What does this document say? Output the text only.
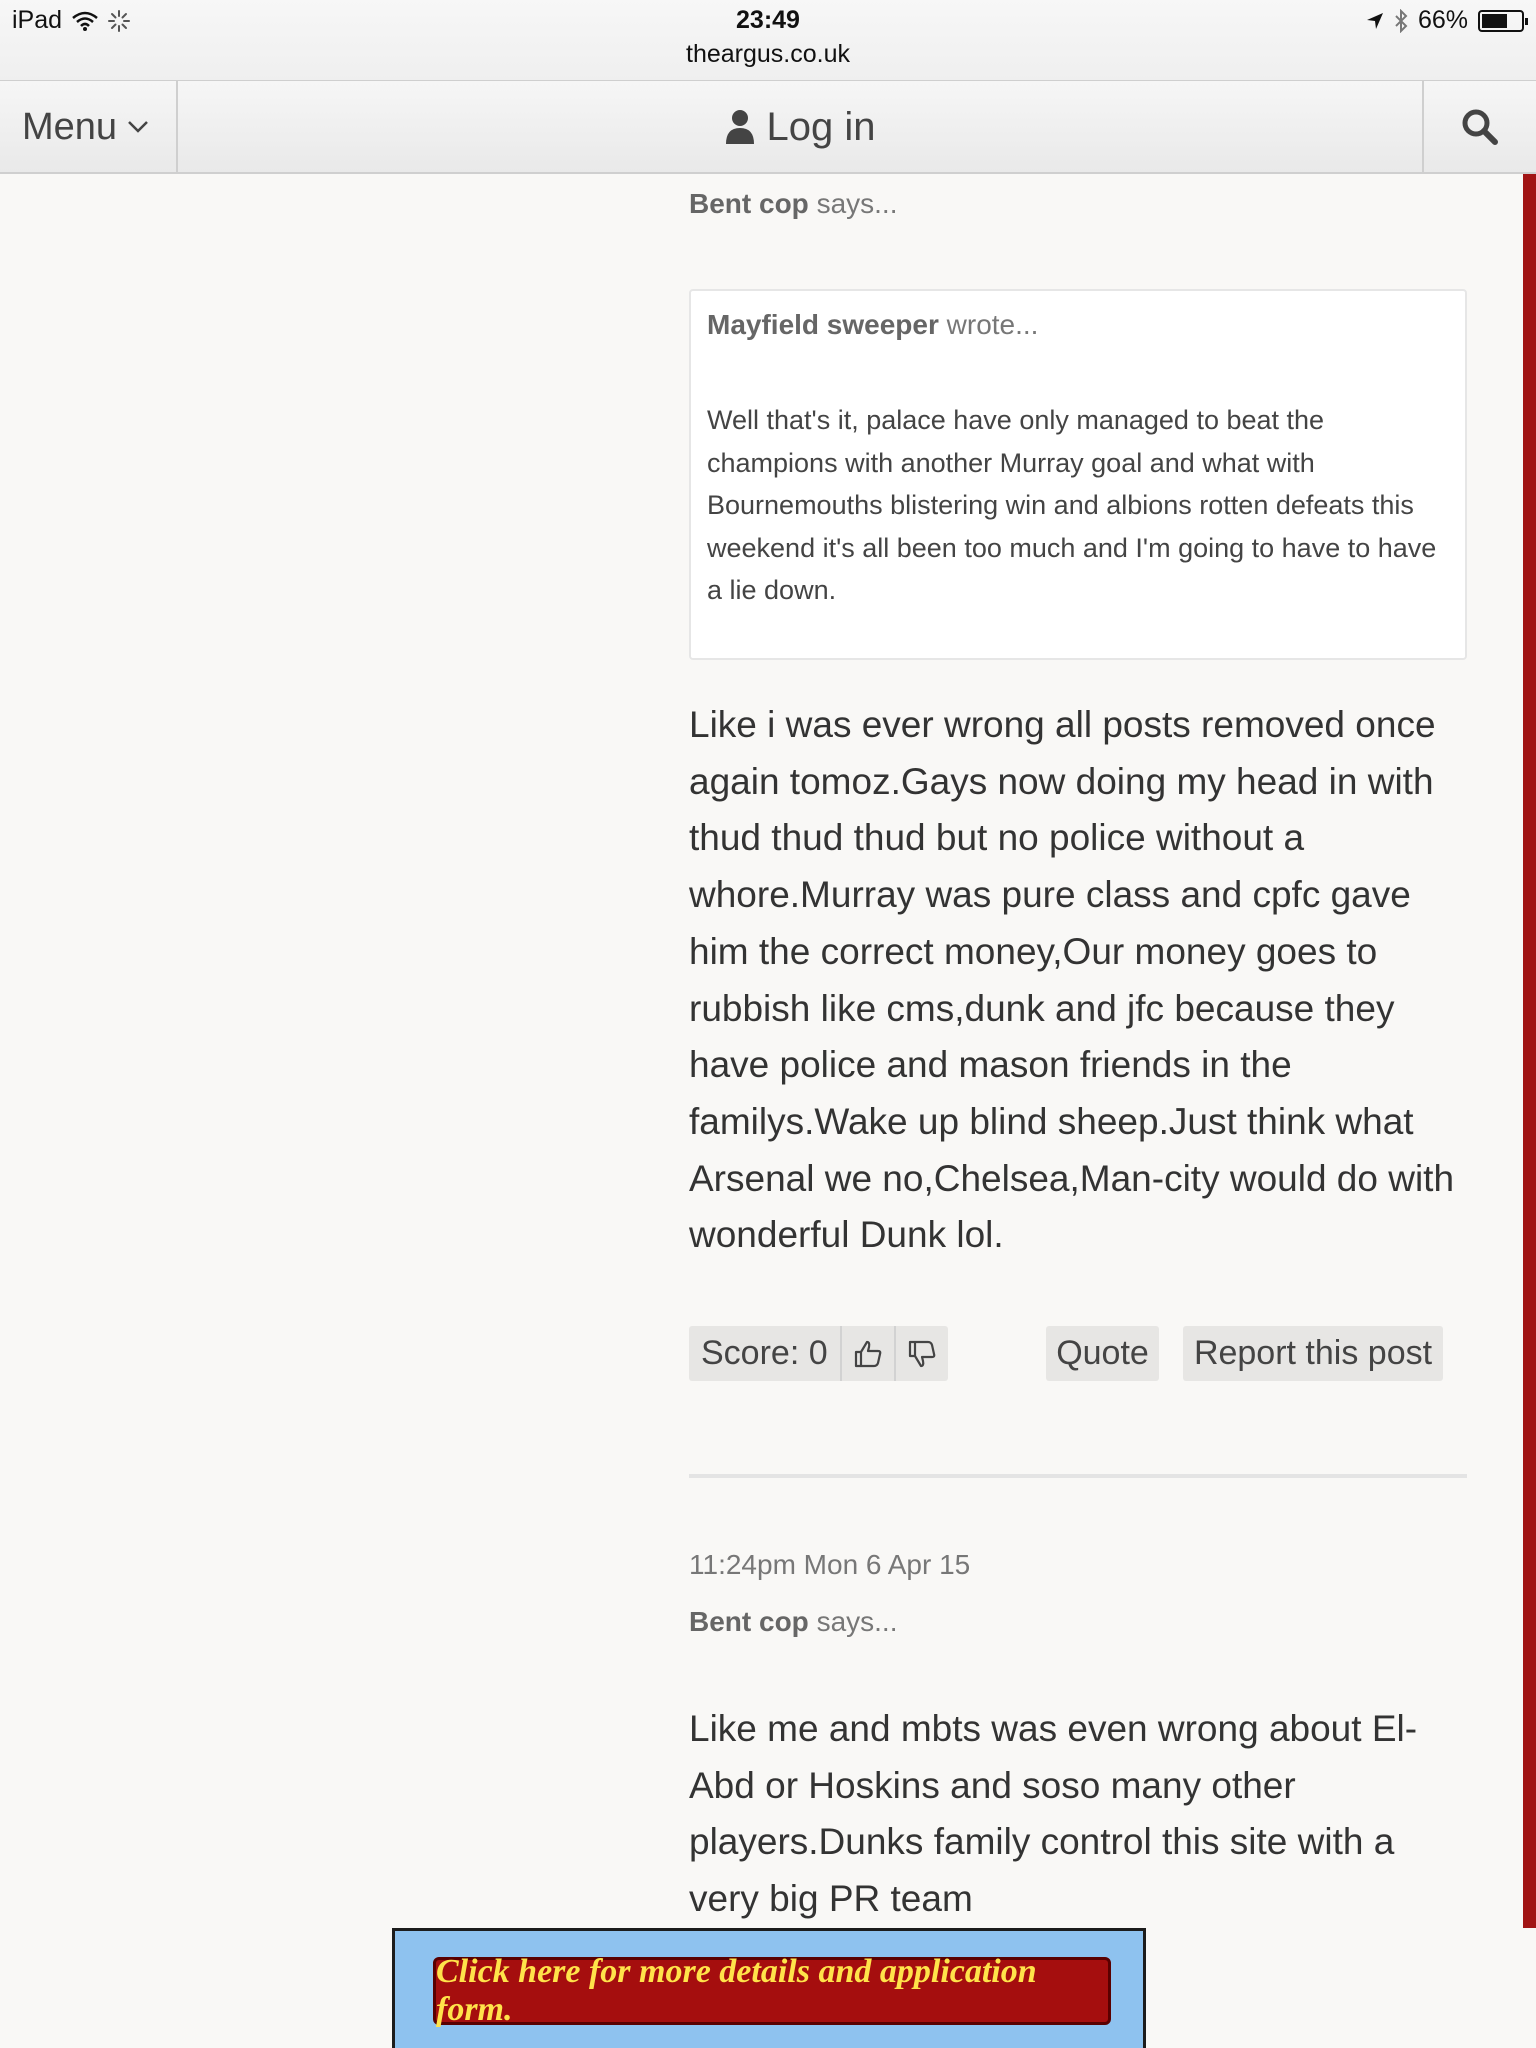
iPad	23:49
theargus.co.uk
66%
Menu	Log in
Bent cop says...
Mayfield sweeper wrote...
Well that's it, palace have only managed to beat the champions with another Murray goal and what with Bournemouths blistering win and albions rotten defeats this weekend it's all been too much and I'm going to have to have a lie down.
Like i was ever wrong all posts removed once again tomoz.Gays now doing my head in with thud thud thud but no police without a whore.Murray was pure class and cpfc gave him the correct money,Our money goes to rubbish like cms,dunk and jfc because they have police and mason friends in the familys.Wake up blind sheep.Just think what Arsenal we no,Chelsea,Man-city would do with wonderful Dunk lol.
Score: 0	Quote	Report this post
11:24pm Mon 6 Apr 15
Bent cop says...
Like me and mbts was even wrong about El-Abd or Hoskins and soso many other players.Dunks family control this site with a very big PR team
Click here for more details and application form.
